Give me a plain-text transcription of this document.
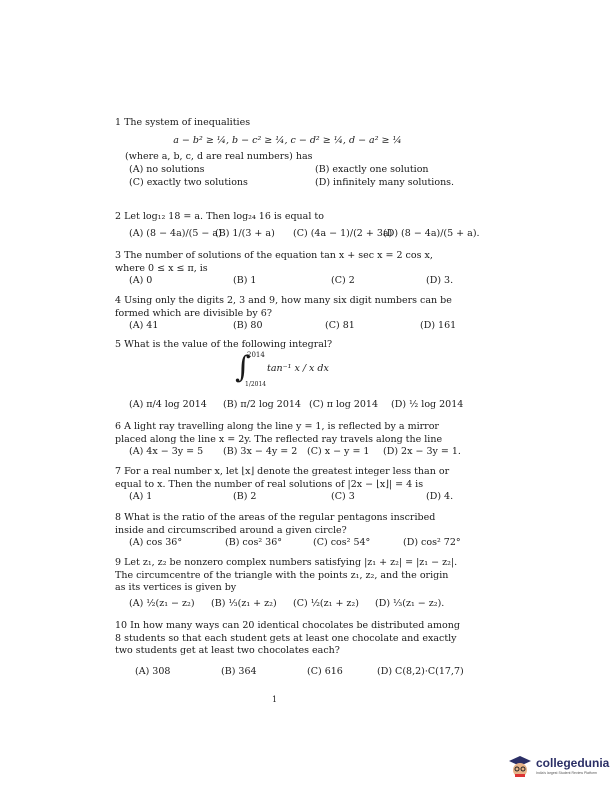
1 The system of inequalities
a − b² ≥ ¼, b − c² ≥ ¼, c − d² ≥ ¼, d − a² ≥ ¼
(where a, b, c, d are real numbers) has
(A) no solutions	(B) exactly one solution
(C) exactly two solutions	(D) infinitely many solutions.
2 Let log₁₂ 18 = a. Then log₂₄ 16 is equal to
(A) (8 − 4a)/(5 − a)
(B) 1/(3 + a) (C) (4a − 1)/(2 + 3a)
(D) (8 − 4a)/(5 + a).
3 The number of solutions of the equation tan x + sec x = 2 cos x, where 0 ≤ x ≤ π, is
(A) 0	(B) 1	(C) 2	(D) 3.
4 Using only the digits 2, 3 and 9, how many six digit numbers can be formed which are divisible by 6?
(A) 41	(B) 80	(C) 81	(D) 161
5 What is the value of the following integral?
∫
2014
1/2014
tan⁻¹ x / x dx
(A) π/4 log 2014 (B) π/2 log 2014 (C) π log 2014 (D) ½ log 2014
6 A light ray travelling along the line y = 1, is reflected by a mirror placed along the line x = 2y. The reflected ray travels along the line
(A) 4x − 3y = 5 (B) 3x − 4y = 2 (C) x − y = 1 (D) 2x − 3y = 1.
7 For a real number x, let ⌊x⌋ denote the greatest integer less than or equal to x. Then the number of real solutions of |2x − ⌊x⌋| = 4 is
(A) 1	(B) 2	(C) 3	(D) 4.
8 What is the ratio of the areas of the regular pentagons inscribed inside and circumscribed around a given circle?
(A) cos 36°	(B) cos² 36°	(C) cos² 54°	(D) cos² 72°
9 Let z₁, z₂ be nonzero complex numbers satisfying |z₁ + z₂| = |z₁ − z₂|. The circumcentre of the triangle with the points z₁, z₂, and the origin as its vertices is given by
(A) ½(z₁ − z₂) (B) ⅓(z₁ + z₂) (C) ½(z₁ + z₂) (D) ⅓(z₁ − z₂).
10 In how many ways can 20 identical chocolates be distributed among 8 students so that each student gets at least one chocolate and exactly two students get at least two chocolates each?
(A) 308	(B) 364	(C) 616	(D) C(8,2)·C(17,7)
1
collegedunia
India's largest Student Review Platform
